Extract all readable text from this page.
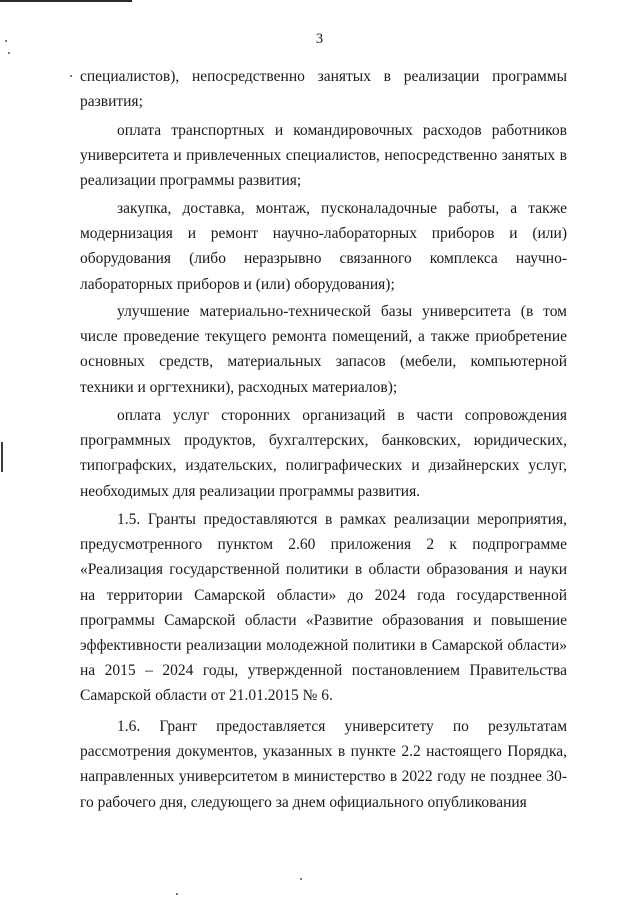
3

специалистов), непосредственно занятых в реализации программы развития;

оплата транспортных и командировочных расходов работников университета и привлеченных специалистов, непосредственно занятых в реализации программы развития;

закупка, доставка, монтаж, пусконаладочные работы, а также модернизация и ремонт научно-лабораторных приборов и (или) оборудования (либо неразрывно связанного комплекса научно-лабораторных приборов и (или) оборудования);

улучшение материально-технической базы университета (в том числе проведение текущего ремонта помещений, а также приобретение основных средств, материальных запасов (мебели, компьютерной техники и оргтехники), расходных материалов);

оплата услуг сторонних организаций в части сопровождения программных продуктов, бухгалтерских, банковских, юридических, типографских, издательских, полиграфических и дизайнерских услуг, необходимых для реализации программы развития.

1.5. Гранты предоставляются в рамках реализации мероприятия, предусмотренного пунктом 2.60 приложения 2 к подпрограмме «Реализация государственной политики в области образования и науки на территории Самарской области» до 2024 года государственной программы Самарской области «Развитие образования и повышение эффективности реализации молодежной политики в Самарской области» на 2015 – 2024 годы, утвержденной постановлением Правительства Самарской области от 21.01.2015 № 6.

1.6. Грант предоставляется университету по результатам рассмотрения документов, указанных в пункте 2.2 настоящего Порядка, направленных университетом в министерство в 2022 году не позднее 30-го рабочего дня, следующего за днем официального опубликования
